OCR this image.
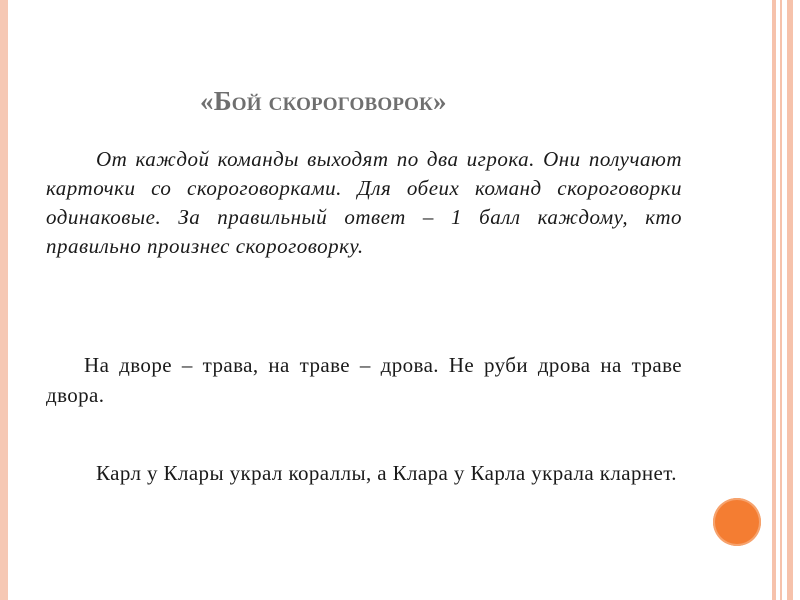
«Бой скороговорок»

От каждой команды выходят по два игрока. Они получают карточки со скороговорками. Для обеих команд скороговорки одинаковые. За правильный ответ – 1 балл каждому, кто правильно произнес скороговорку.

На дворе – трава, на траве – дрова. Не руби дрова на траве двора.

Карл у Клары украл кораллы, а Клара у Карла украла кларнет.
